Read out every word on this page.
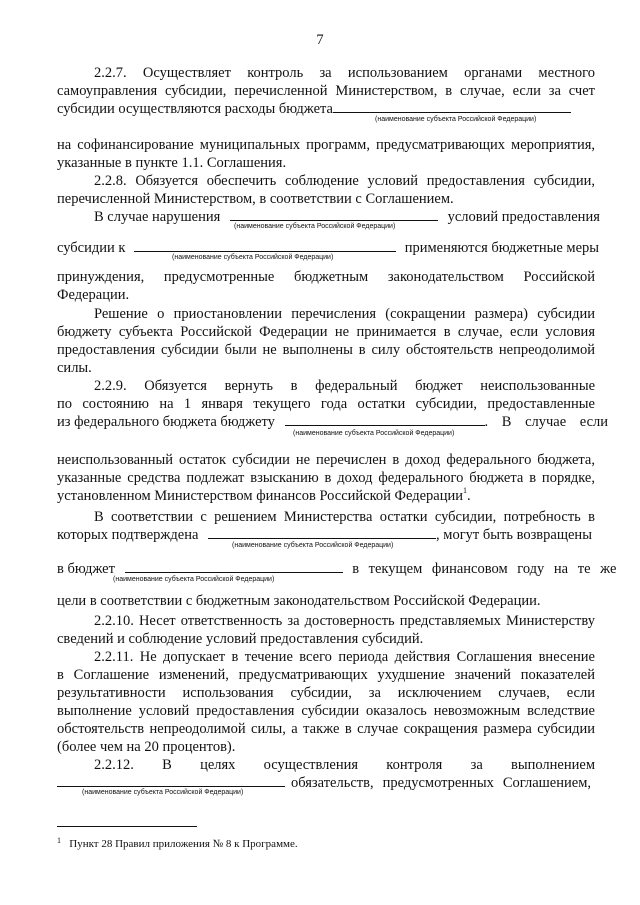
7
2.2.7. Осуществляет контроль за использованием органами местного
самоуправления субсидии, перечисленной Министерством, в случае, если за счет
субсидии осуществляются расходы бюджета
(наименование субъекта Российской Федерации)
на софинансирование муниципальных программ, предусматривающих мероприятия,
указанные в пункте 1.1. Соглашения.
2.2.8. Обязуется обеспечить соблюдение условий предоставления субсидии,
перечисленной Министерством, в соответствии с Соглашением.
В случае нарушения	условий предоставления
(наименование субъекта Российской Федерации)
субсидии к	применяются бюджетные меры
(наименование субъекта Российской Федерации)
принуждения, предусмотренные бюджетным законодательством Российской
Федерации.
Решение о приостановлении перечисления (сокращении размера) субсидии
бюджету субъекта Российской Федерации не принимается в случае, если условия
предоставления субсидии были не выполнены в силу обстоятельств непреодолимой
силы.
2.2.9. Обязуется вернуть в федеральный бюджет неиспользованные
по состоянию на 1 января текущего года остатки субсидии, предоставленные
из федерального бюджета бюджету	. В случае если
(наименование субъекта Российской Федерации)
неиспользованный остаток субсидии не перечислен в доход федерального бюджета,
указанные средства подлежат взысканию в доход федерального бюджета в порядке,
установленном Министерством финансов Российской Федерации$^1$.
В соответствии с решением Министерства остатки субсидии, потребность в
которых подтверждена	, могут быть возвращены
(наименование субъекта Российской Федерации)
в бюджет	в текущем финансовом году на те же
(наименование субъекта Российской Федерации)
цели в соответствии с бюджетным законодательством Российской Федерации.
2.2.10. Несет ответственность за достоверность представляемых Министерству
сведений и соблюдение условий предоставления субсидий.
2.2.11. Не допускает в течение всего периода действия Соглашения внесение
в Соглашение изменений, предусматривающих ухудшение значений показателей
результативности использования субсидии, за исключением случаев, если
выполнение условий предоставления субсидии оказалось невозможным вследствие
обстоятельств непреодолимой силы, а также в случае сокращения размера субсидии
(более чем на 20 процентов).
2.2.12. В целях осуществления контроля за выполнением
обязательств, предусмотренных Соглашением,
(наименование субъекта Российской Федерации)
$^1$ Пункт 28 Правил приложения № 8 к Программе.
